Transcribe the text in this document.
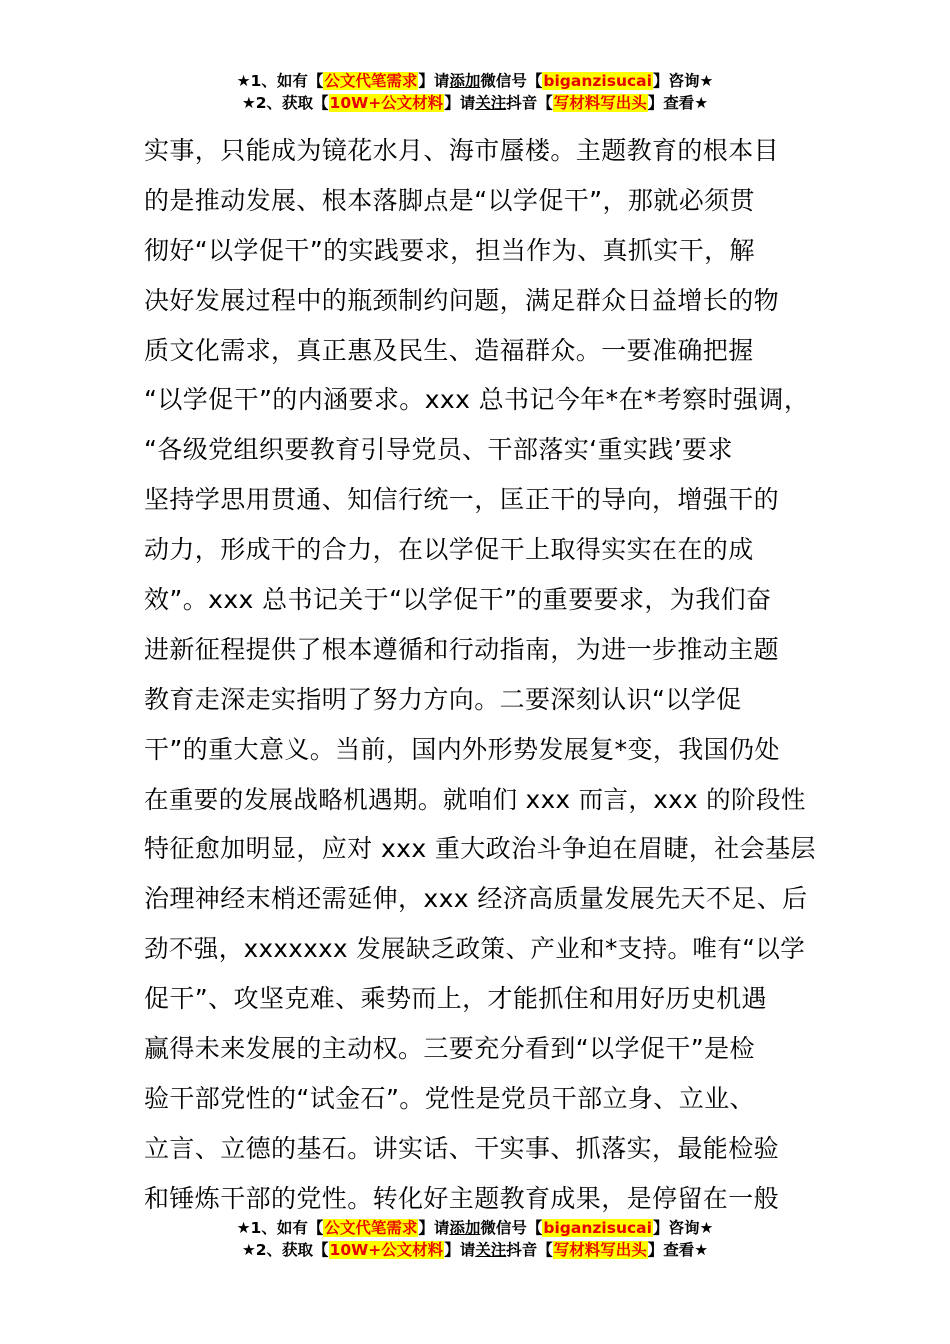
★1、如有【公文代笔需求】请添加微信号【biganzisucai】咨询★
★2、获取【10W+公文材料】请关注抖音【写材料写出头】查看★
实事，只能成为镜花水月、海市蜃楼。主题教育的根本目
的是推动发展、根本落脚点是“以学促干”，那就必须贯
彻好“以学促干”的实践要求，担当作为、真抓实干，解
决好发展过程中的瓶颈制约问题，满足群众日益增长的物
质文化需求，真正惠及民生、造福群众。一要准确把握
“以学促干”的内涵要求。xxx 总书记今年*在*考察时强调，
“各级党组织要教育引导党员、干部落实‘重实践’要求
坚持学思用贯通、知信行统一，匡正干的导向，增强干的
动力，形成干的合力，在以学促干上取得实实在在的成
效”。xxx 总书记关于“以学促干”的重要要求，为我们奋
进新征程提供了根本遵循和行动指南，为进一步推动主题
教育走深走实指明了努力方向。二要深刻认识“以学促
干”的重大意义。当前，国内外形势发展复*变，我国仍处
在重要的发展战略机遇期。就咱们 xxx 而言，xxx 的阶段性
特征愈加明显，应对 xxx 重大政治斗争迫在眉睫，社会基层
治理神经末梢还需延伸，xxx 经济高质量发展先天不足、后
劲不强，xxxxxxx 发展缺乏政策、产业和*支持。唯有“以学
促干”、攻坚克难、乘势而上，才能抓住和用好历史机遇
赢得未来发展的主动权。三要充分看到“以学促干”是检
验干部党性的“试金石”。党性是党员干部立身、立业、
立言、立德的基石。讲实话、干实事、抓落实，最能检验
和锤炼干部的党性。转化好主题教育成果，是停留在一般
★1、如有【公文代笔需求】请添加微信号【biganzisucai】咨询★
★2、获取【10W+公文材料】请关注抖音【写材料写出头】查看★
